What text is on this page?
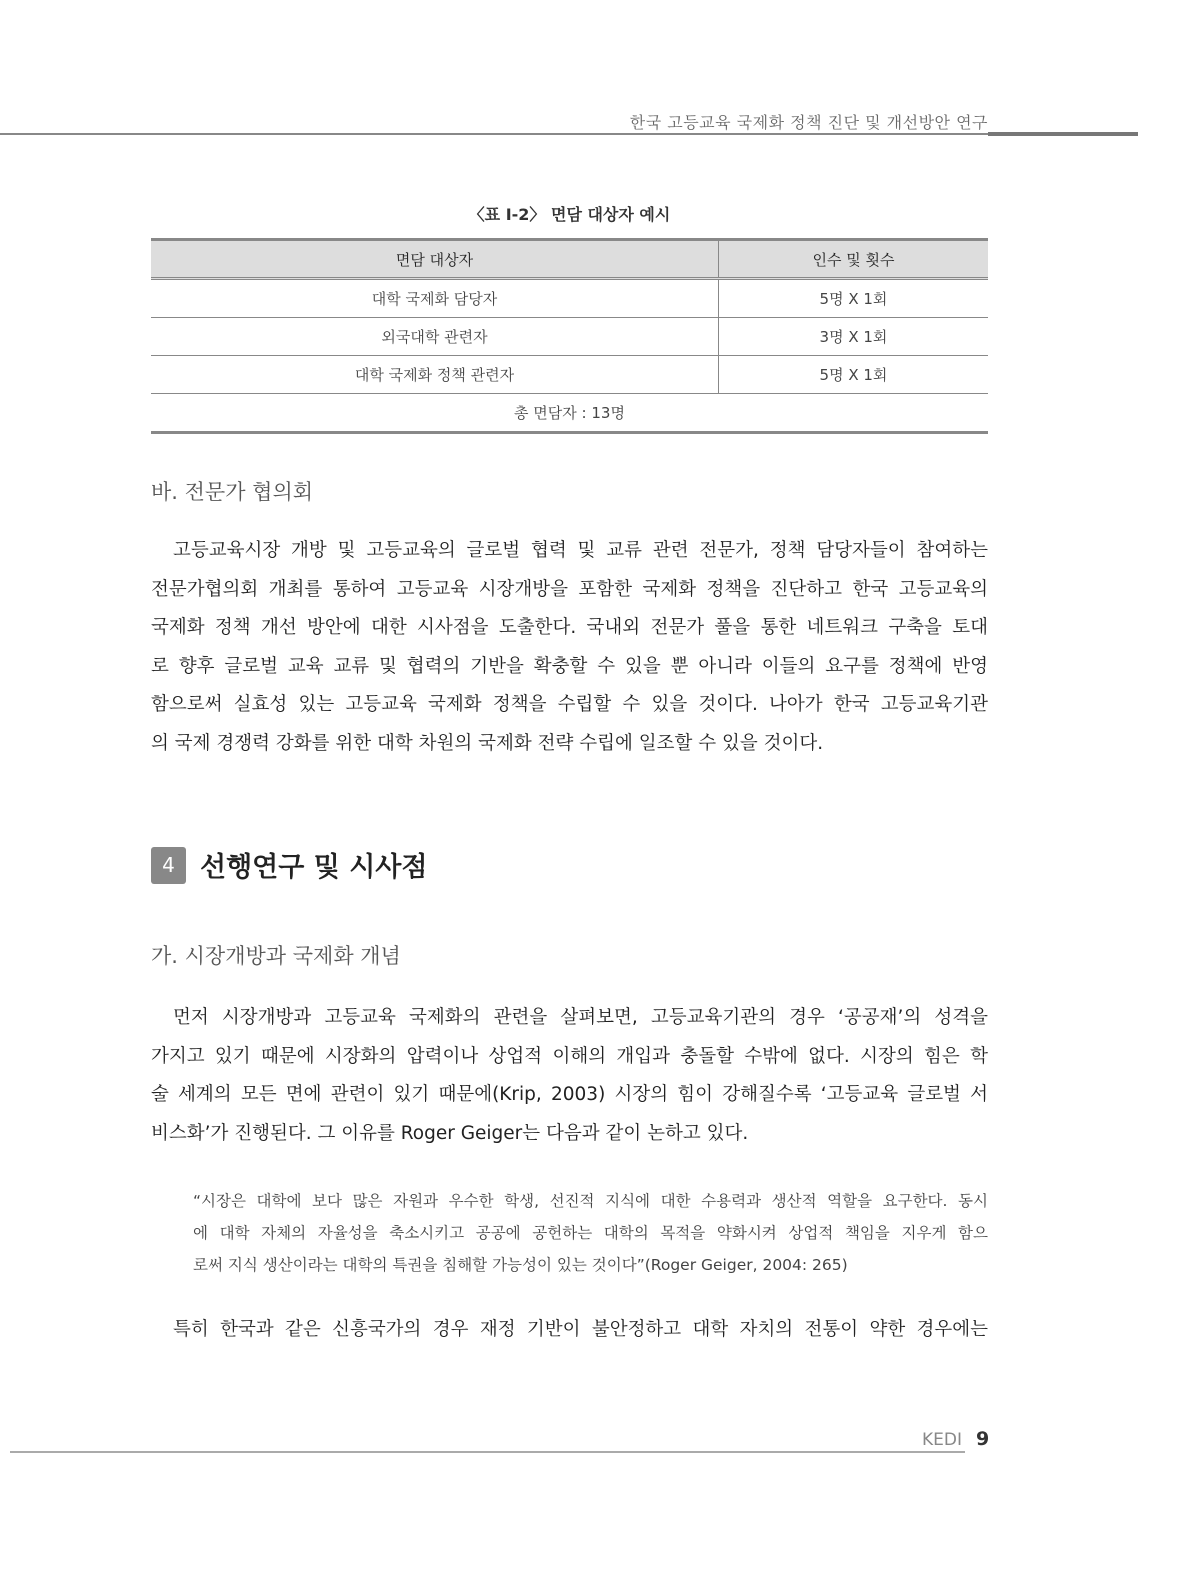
한국 고등교육 국제화 정책 진단 및 개선방안 연구
〈표 Ⅰ-2〉 면담 대상자 예시
면담 대상자	인수 및 횟수
대학 국제화 담당자	5명 X 1회
외국대학 관련자	3명 X 1회
대학 국제화 정책 관련자	5명 X 1회
총 면담자 : 13명	
바. 전문가 협의회
고등교육시장 개방 및 고등교육의 글로벌 협력 및 교류 관련 전문가, 정책 담당자들이 참여하는
전문가협의회 개최를 통하여 고등교육 시장개방을 포함한 국제화 정책을 진단하고 한국 고등교육의
국제화 정책 개선 방안에 대한 시사점을 도출한다. 국내외 전문가 풀을 통한 네트워크 구축을 토대
로 향후 글로벌 교육 교류 및 협력의 기반을 확충할 수 있을 뿐 아니라 이들의 요구를 정책에 반영
함으로써 실효성 있는 고등교육 국제화 정책을 수립할 수 있을 것이다. 나아가 한국 고등교육기관
의 국제 경쟁력 강화를 위한 대학 차원의 국제화 전략 수립에 일조할 수 있을 것이다.
4 선행연구 및 시사점
가. 시장개방과 국제화 개념
먼저 시장개방과 고등교육 국제화의 관련을 살펴보면, 고등교육기관의 경우 ‘공공재’의 성격을
가지고 있기 때문에 시장화의 압력이나 상업적 이해의 개입과 충돌할 수밖에 없다. 시장의 힘은 학
술 세계의 모든 면에 관련이 있기 때문에(Krip, 2003) 시장의 힘이 강해질수록 ‘고등교육 글로벌 서
비스화’가 진행된다. 그 이유를 Roger Geiger는 다음과 같이 논하고 있다.
“시장은 대학에 보다 많은 자원과 우수한 학생, 선진적 지식에 대한 수용력과 생산적 역할을 요구한다. 동시
에 대학 자체의 자율성을 축소시키고 공공에 공헌하는 대학의 목적을 약화시켜 상업적 책임을 지우게 함으
로써 지식 생산이라는 대학의 특권을 침해할 가능성이 있는 것이다”(Roger Geiger, 2004: 265)
특히 한국과 같은 신흥국가의 경우 재정 기반이 불안정하고 대학 자치의 전통이 약한 경우에는
KEDI 9
